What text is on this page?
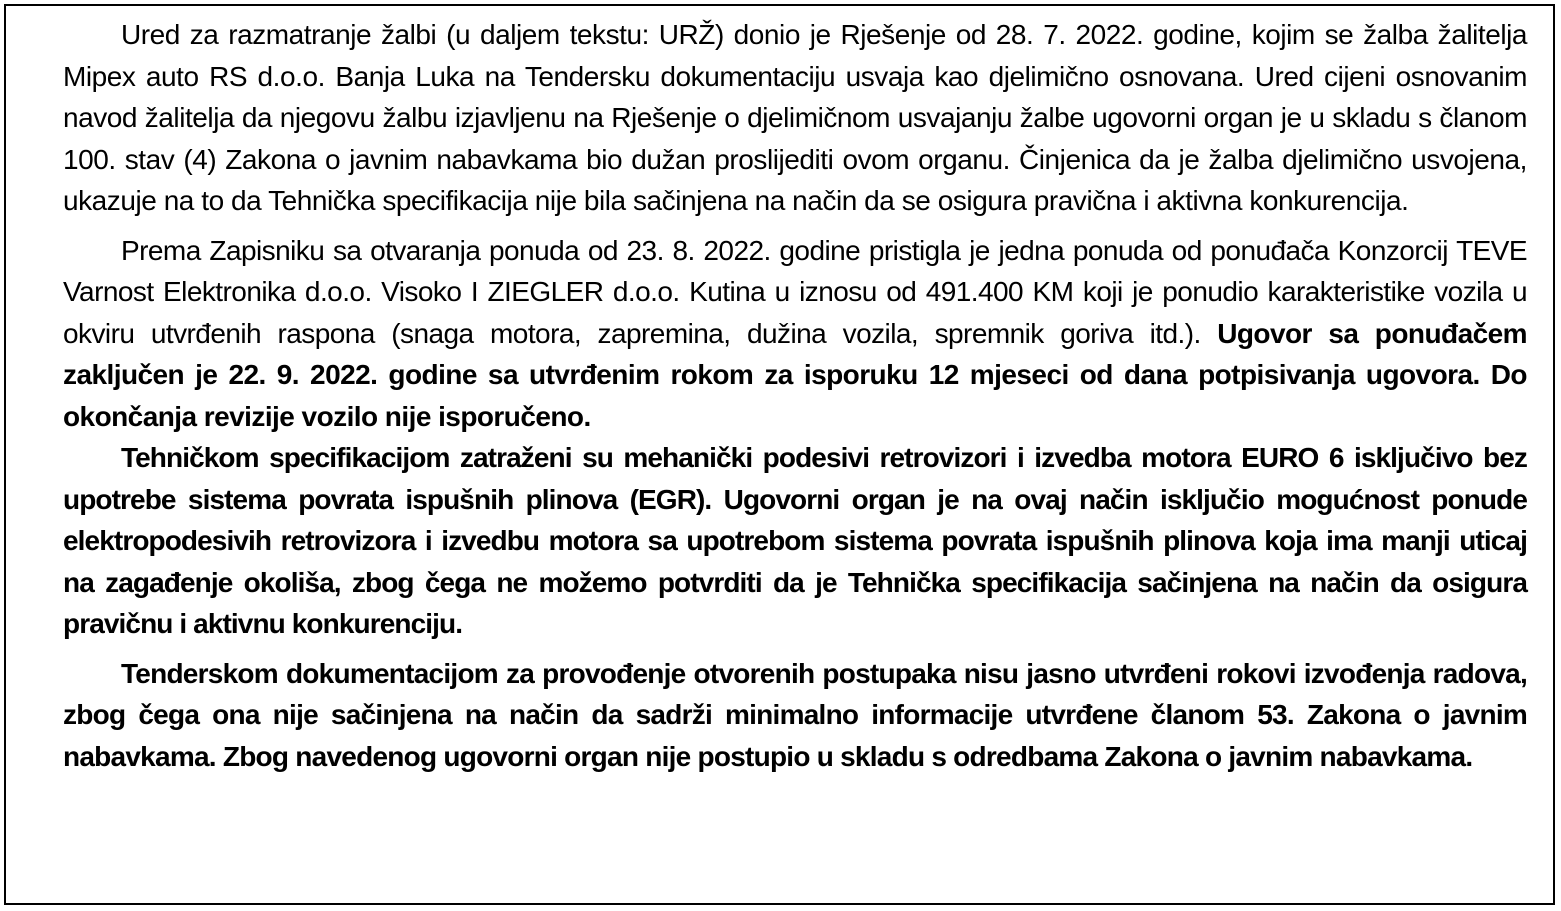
Ured za razmatranje žalbi (u daljem tekstu: URŽ) donio je Rješenje od 28. 7. 2022. godine, kojim se žalba žalitelja Mipex auto RS d.o.o. Banja Luka na Tendersku dokumentaciju usvaja kao djelimično osnovana. Ured cijeni osnovanim navod žalitelja da njegovu žalbu izjavljenu na Rješenje o djelimičnom usvajanju žalbe ugovorni organ je u skladu s članom 100. stav (4) Zakona o javnim nabavkama bio dužan proslijediti ovom organu. Činjenica da je žalba djelimično usvojena, ukazuje na to da Tehnička specifikacija nije bila sačinjena na način da se osigura pravična i aktivna konkurencija.

Prema Zapisniku sa otvaranja ponuda od 23. 8. 2022. godine pristigla je jedna ponuda od ponuđača Konzorcij TEVE Varnost Elektronika d.o.o. Visoko I ZIEGLER d.o.o. Kutina u iznosu od 491.400 KM koji je ponudio karakteristike vozila u okviru utvrđenih raspona (snaga motora, zapremina, dužina vozila, spremnik goriva itd.). Ugovor sa ponuđačem zaključen je 22. 9. 2022. godine sa utvrđenim rokom za isporuku 12 mjeseci od dana potpisivanja ugovora. Do okončanja revizije vozilo nije isporučeno.

Tehničkom specifikacijom zatraženi su mehanički podesivi retrovizori i izvedba motora EURO 6 isključivo bez upotrebe sistema povrata ispušnih plinova (EGR). Ugovorni organ je na ovaj način isključio mogućnost ponude elektropodesivih retrovizora i izvedbu motora sa upotrebom sistema povrata ispušnih plinova koja ima manji uticaj na zagađenje okoliša, zbog čega ne možemo potvrditi da je Tehnička specifikacija sačinjena na način da osigura pravičnu i aktivnu konkurenciju.

Tenderskom dokumentacijom za provođenje otvorenih postupaka nisu jasno utvrđeni rokovi izvođenja radova, zbog čega ona nije sačinjena na način da sadrži minimalno informacije utvrđene članom 53. Zakona o javnim nabavkama. Zbog navedenog ugovorni organ nije postupio u skladu s odredbama Zakona o javnim nabavkama.
